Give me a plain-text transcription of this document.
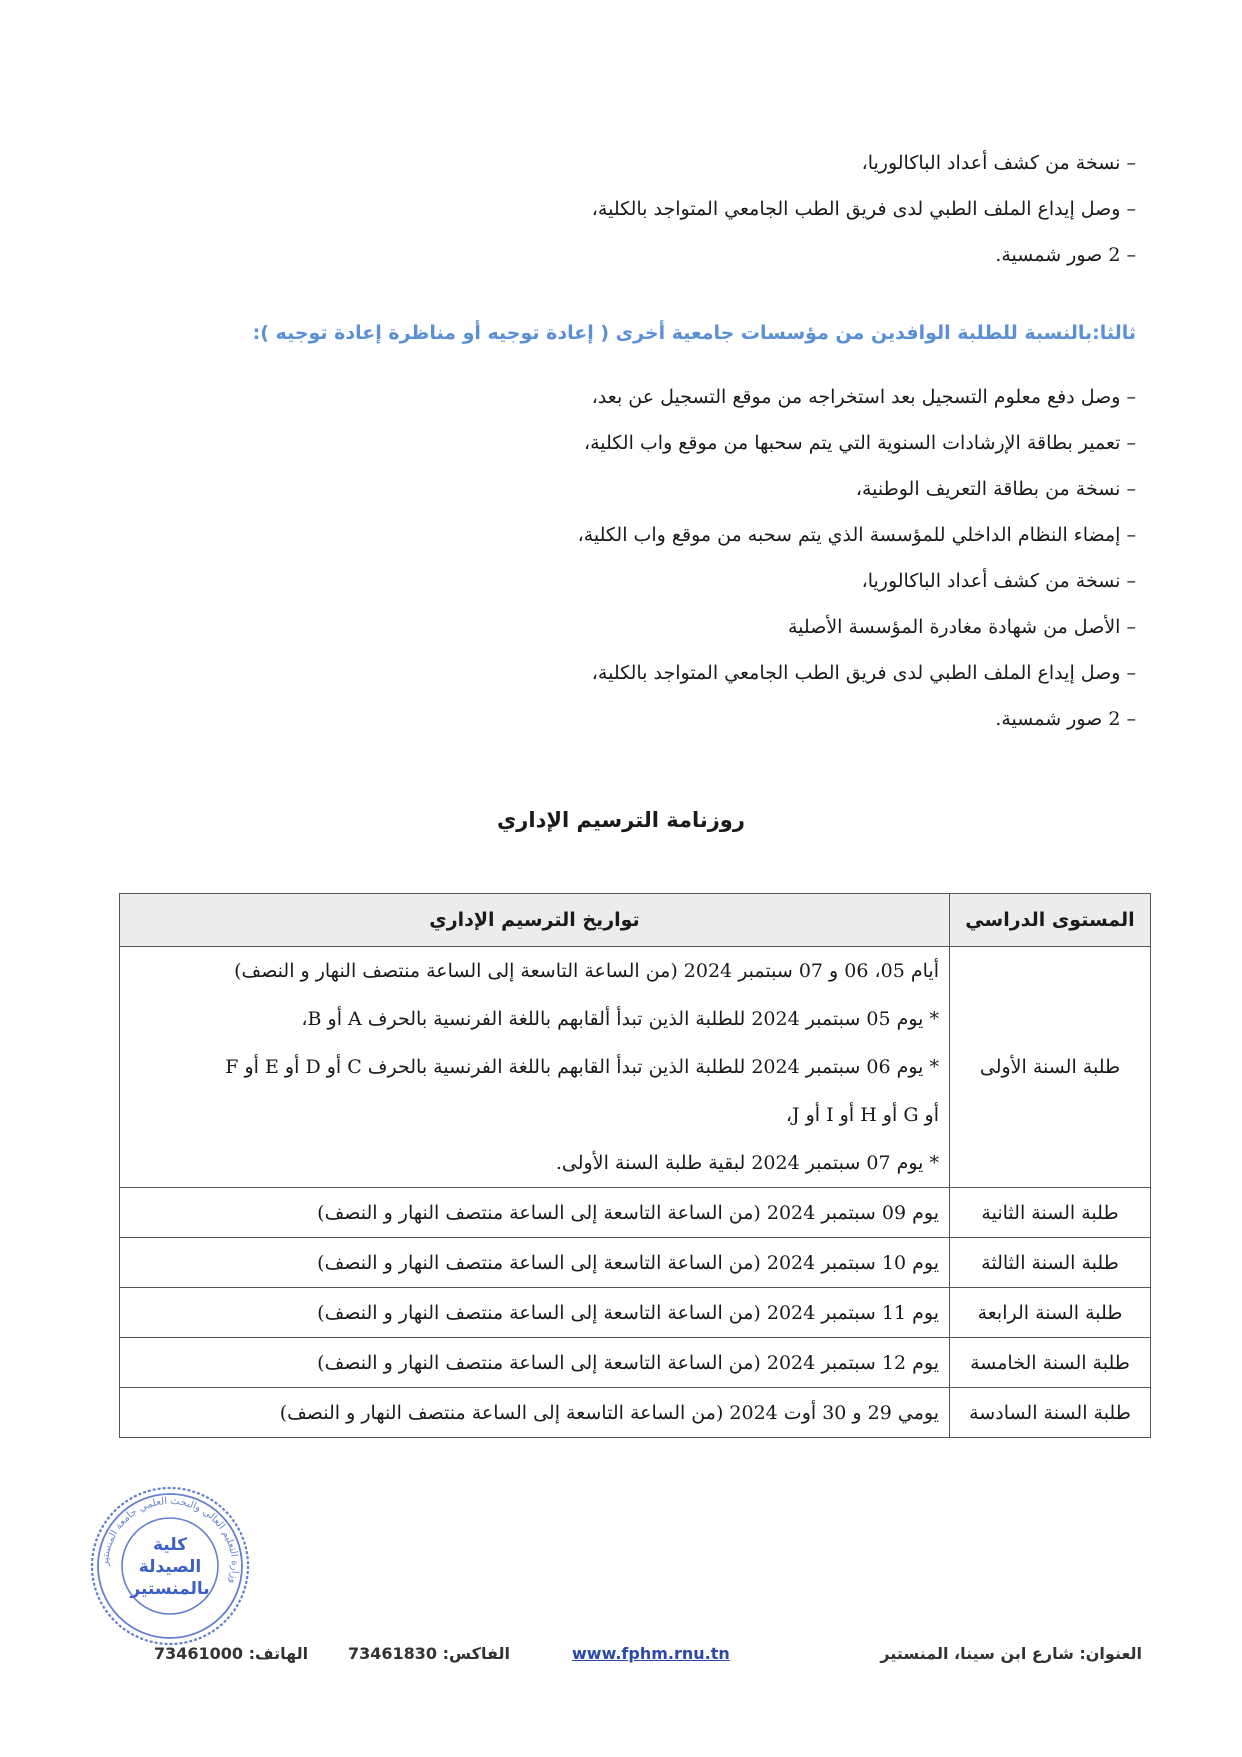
– نسخة من كشف أعداد الباكالوريا،
– وصل إيداع الملف الطبي لدى فريق الطب الجامعي المتواجد بالكلية،
– 2 صور شمسية.
ثالثا:بالنسبة للطلبة الوافدين من مؤسسات جامعية أخرى ( إعادة توجيه أو مناظرة إعادة توجيه ):
– وصل دفع معلوم التسجيل بعد استخراجه من موقع التسجيل عن بعد،
– تعمير بطاقة الإرشادات السنوية التي يتم سحبها من موقع واب الكلية،
– نسخة من بطاقة التعريف الوطنية،
– إمضاء النظام الداخلي للمؤسسة الذي يتم سحبه من موقع واب الكلية،
– نسخة من كشف أعداد الباكالوريا،
– الأصل من شهادة مغادرة المؤسسة الأصلية
– وصل إيداع الملف الطبي لدى فريق الطب الجامعي المتواجد بالكلية،
– 2 صور شمسية.
روزنامة الترسيم الإداري
المستوى الدراسي	تواريخ الترسيم الإداري
طلبة السنة الأولى	أيام 05، 06 و 07 سبتمبر 2024 (من الساعة التاسعة إلى الساعة منتصف النهار و النصف)
* يوم 05 سبتمبر 2024 للطلبة الذين تبدأ ألقابهم باللغة الفرنسية بالحرف A أو B،
* يوم 06 سبتمبر 2024 للطلبة الذين تبدأ القابهم باللغة الفرنسية بالحرف C أو D أو E أو F
أو G أو H أو I أو J،
* يوم 07 سبتمبر 2024 لبقية طلبة السنة الأولى.

طلبة السنة الثانية	يوم 09 سبتمبر 2024 (من الساعة التاسعة إلى الساعة منتصف النهار و النصف)
طلبة السنة الثالثة	يوم 10 سبتمبر 2024 (من الساعة التاسعة إلى الساعة منتصف النهار و النصف)
طلبة السنة الرابعة	يوم 11 سبتمبر 2024 (من الساعة التاسعة إلى الساعة منتصف النهار و النصف)
طلبة السنة الخامسة	يوم 12 سبتمبر 2024 (من الساعة التاسعة إلى الساعة منتصف النهار و النصف)
طلبة السنة السادسة	يومي 29 و 30 أوت 2024 (من الساعة التاسعة إلى الساعة منتصف النهار و النصف)
وزارة التعليم العالي والبحث العلمي جامعة المنستير
كلية
الصيدلة
بالمنستير
العنوان: شارع ابن سينا، المنستير
www.fphm.rnu.tn
الفاكس: 73461830
الهاتف: 73461000
